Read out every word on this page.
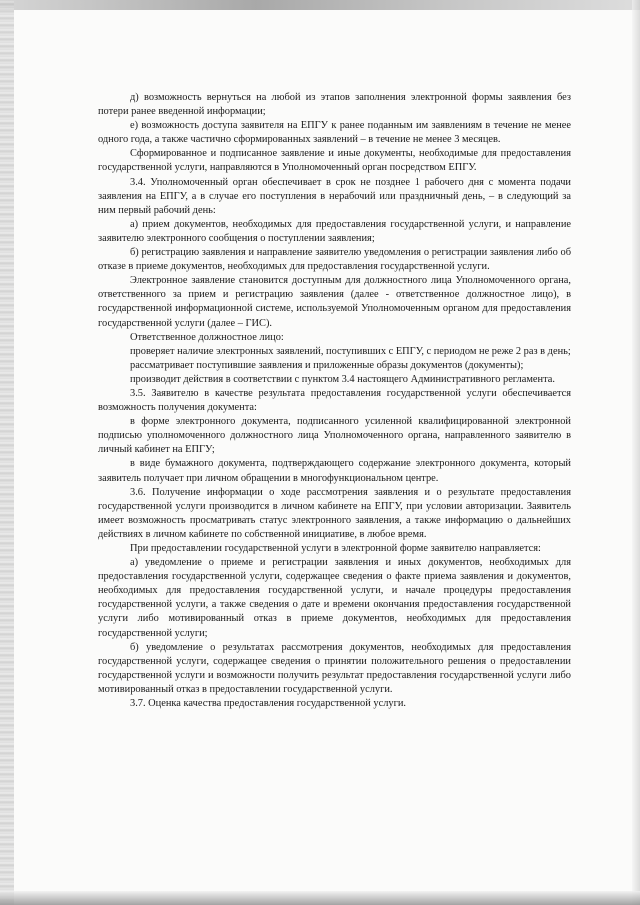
д) возможность вернуться на любой из этапов заполнения электронной формы заявления без потери ранее введенной информации;

е) возможность доступа заявителя на ЕПГУ к ранее поданным им заявлениям в течение не менее одного года, а также частично сформированных заявлений – в течение не менее 3 месяцев.

Сформированное и подписанное заявление и иные документы, необходимые для предоставления государственной услуги, направляются в Уполномоченный орган посредством ЕПГУ.

3.4. Уполномоченный орган обеспечивает в срок не позднее 1 рабочего дня с момента подачи заявления на ЕПГУ, а в случае его поступления в нерабочий или праздничный день, – в следующий за ним первый рабочий день:

а) прием документов, необходимых для предоставления государственной услуги, и направление заявителю электронного сообщения о поступлении заявления;

б) регистрацию заявления и направление заявителю уведомления о регистрации заявления либо об отказе в приеме документов, необходимых для предоставления государственной услуги.

Электронное заявление становится доступным для должностного лица Уполномоченного органа, ответственного за прием и регистрацию заявления (далее - ответственное должностное лицо), в государственной информационной системе, используемой Уполномоченным органом для предоставления государственной услуги (далее – ГИС).

Ответственное должностное лицо:

проверяет наличие электронных заявлений, поступивших с ЕПГУ, с периодом не реже 2 раз в день;

рассматривает поступившие заявления и приложенные образы документов (документы);

производит действия в соответствии с пунктом 3.4 настоящего Административного регламента.

3.5. Заявителю в качестве результата предоставления государственной услуги обеспечивается возможность получения документа:

в форме электронного документа, подписанного усиленной квалифицированной электронной подписью уполномоченного должностного лица Уполномоченного органа, направленного заявителю в личный кабинет на ЕПГУ;

в виде бумажного документа, подтверждающего содержание электронного документа, который заявитель получает при личном обращении в многофункциональном центре.

3.6. Получение информации о ходе рассмотрения заявления и о результате предоставления государственной услуги производится в личном кабинете на ЕПГУ, при условии авторизации. Заявитель имеет возможность просматривать статус электронного заявления, а также информацию о дальнейших действиях в личном кабинете по собственной инициативе, в любое время.

При предоставлении государственной услуги в электронной форме заявителю направляется:

а) уведомление о приеме и регистрации заявления и иных документов, необходимых для предоставления государственной услуги, содержащее сведения о факте приема заявления и документов, необходимых для предоставления государственной услуги, и начале процедуры предоставления государственной услуги, а также сведения о дате и времени окончания предоставления государственной услуги либо мотивированный отказ в приеме документов, необходимых для предоставления государственной услуги;

б) уведомление о результатах рассмотрения документов, необходимых для предоставления государственной услуги, содержащее сведения о принятии положительного решения о предоставлении государственной услуги и возможности получить результат предоставления государственной услуги либо мотивированный отказ в предоставлении государственной услуги.

3.7. Оценка качества предоставления государственной услуги.
